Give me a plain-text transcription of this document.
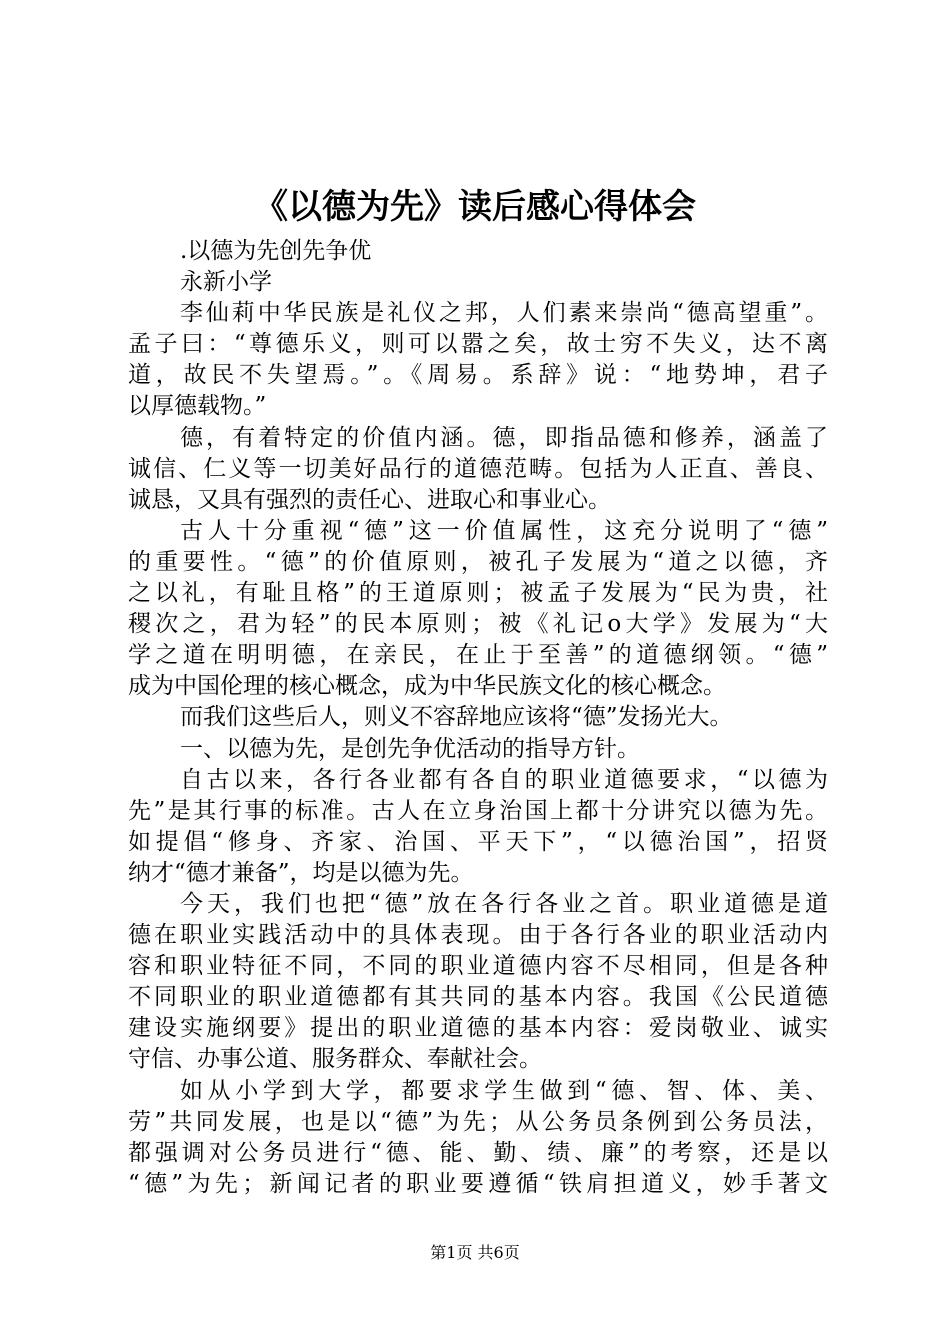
《以德为先》读后感心得体会
.以德为先创先争优
永新小学
李仙莉中华民族是礼仪之邦，人们素来崇尚“德高望重”。
孟子曰：“尊德乐义，则可以嚣之矣，故士穷不失义，达不离
道，故民不失望焉。”。《周易。系辞》说：“地势坤，君子
以厚德载物。”
德，有着特定的价值内涵。德，即指品德和修养，涵盖了
诚信、仁义等一切美好品行的道德范畴。包括为人正直、善良、
诚恳，又具有强烈的责任心、进取心和事业心。
古人十分重视“德”这一价值属性，这充分说明了“德”
的重要性。“德”的价值原则，被孔子发展为“道之以德，齐
之以礼，有耻且格”的王道原则；被孟子发展为“民为贵，社
稷次之，君为轻”的民本原则；被《礼记ο大学》发展为“大
学之道在明明德，在亲民，在止于至善”的道德纲领。“德”
成为中国伦理的核心概念，成为中华民族文化的核心概念。
而我们这些后人，则义不容辞地应该将“德”发扬光大。
一、以德为先，是创先争优活动的指导方针。
自古以来，各行各业都有各自的职业道德要求，“以德为
先”是其行事的标准。古人在立身治国上都十分讲究以德为先。
如提倡“修身、齐家、治国、平天下”，“以德治国”，招贤
纳才“德才兼备”，均是以德为先。
今天，我们也把“德”放在各行各业之首。职业道德是道
德在职业实践活动中的具体表现。由于各行各业的职业活动内
容和职业特征不同，不同的职业道德内容不尽相同，但是各种
不同职业的职业道德都有其共同的基本内容。我国《公民道德
建设实施纲要》提出的职业道德的基本内容：爱岗敬业、诚实
守信、办事公道、服务群众、奉献社会。
如从小学到大学，都要求学生做到“德、智、体、美、
劳”共同发展，也是以“德”为先；从公务员条例到公务员法，
都强调对公务员进行“德、能、勤、绩、廉”的考察，还是以
“德”为先；新闻记者的职业要遵循“铁肩担道义，妙手著文
第1页 共6页
